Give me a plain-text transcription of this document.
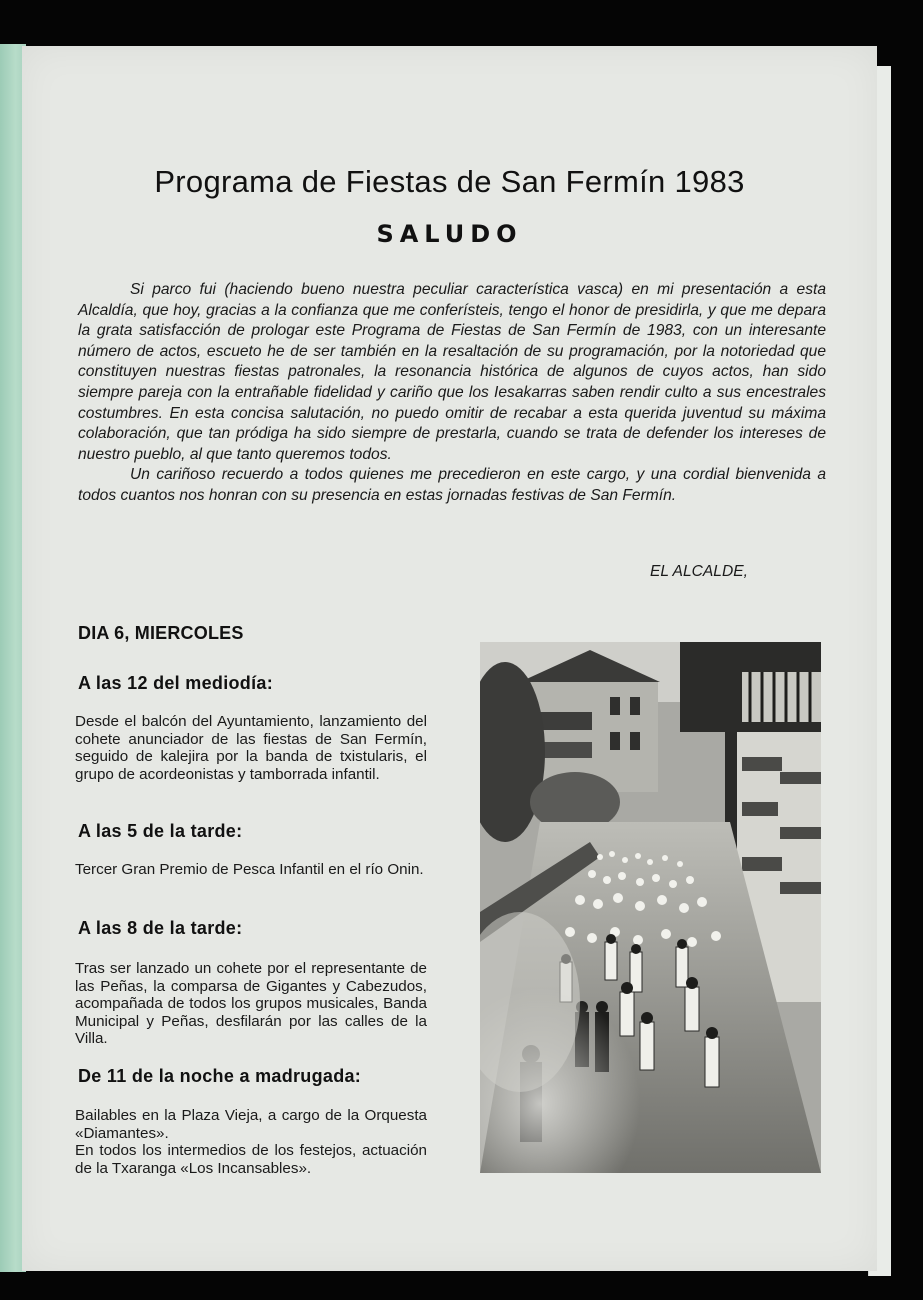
Programa de Fiestas de San Fermín 1983
SALUDO

Si parco fui (haciendo bueno nuestra peculiar característica vasca) en mi presentación a esta Alcaldía, que hoy, gracias a la confianza que me conferísteis, tengo el honor de presidirla, y que me depara la grata satisfacción de prologar este Programa de Fiestas de San Fermín de 1983, con un interesante número de actos, escueto he de ser también en la resaltación de su programación, por la notoriedad que constituyen nuestras fiestas patronales, la resonancia histórica de algunos de cuyos actos, han sido siempre pareja con la entrañable fidelidad y cariño que los Iesakarras saben rendir culto a sus encestrales costumbres. En esta concisa salutación, no puedo omitir de recabar a esta querida juventud su máxima colaboración, que tan pródiga ha sido siempre de prestarla, cuando se trata de defender los intereses de nuestro pueblo, al que tanto queremos todos.

Un cariñoso recuerdo a todos quienes me precedieron en este cargo, y una cordial bienvenida a todos cuantos nos honran con su presencia en estas jornadas festivas de San Fermín.

EL ALCALDE,
DIA 6, MIERCOLES
A las 12 del mediodía:

Desde el balcón del Ayuntamiento, lanzamiento del cohete anunciador de las fiestas de San Fermín, seguido de kalejira por la banda de txistularis, el grupo de acordeonistas y tamborrada infantil.

A las 5 de la tarde:

Tercer Gran Premio de Pesca Infantil en el río Onin.

A las 8 de la tarde:

Tras ser lanzado un cohete por el representante de las Peñas, la comparsa de Gigantes y Cabezudos, acompañada de todos los grupos musicales, Banda Municipal y Peñas, desfilarán por las calles de la Villa.

De 11 de la noche a madrugada:

Bailables en la Plaza Vieja, a cargo de la Orquesta «Diamantes».

En todos los intermedios de los festejos, actuación de la Txaranga «Los Incansables».
